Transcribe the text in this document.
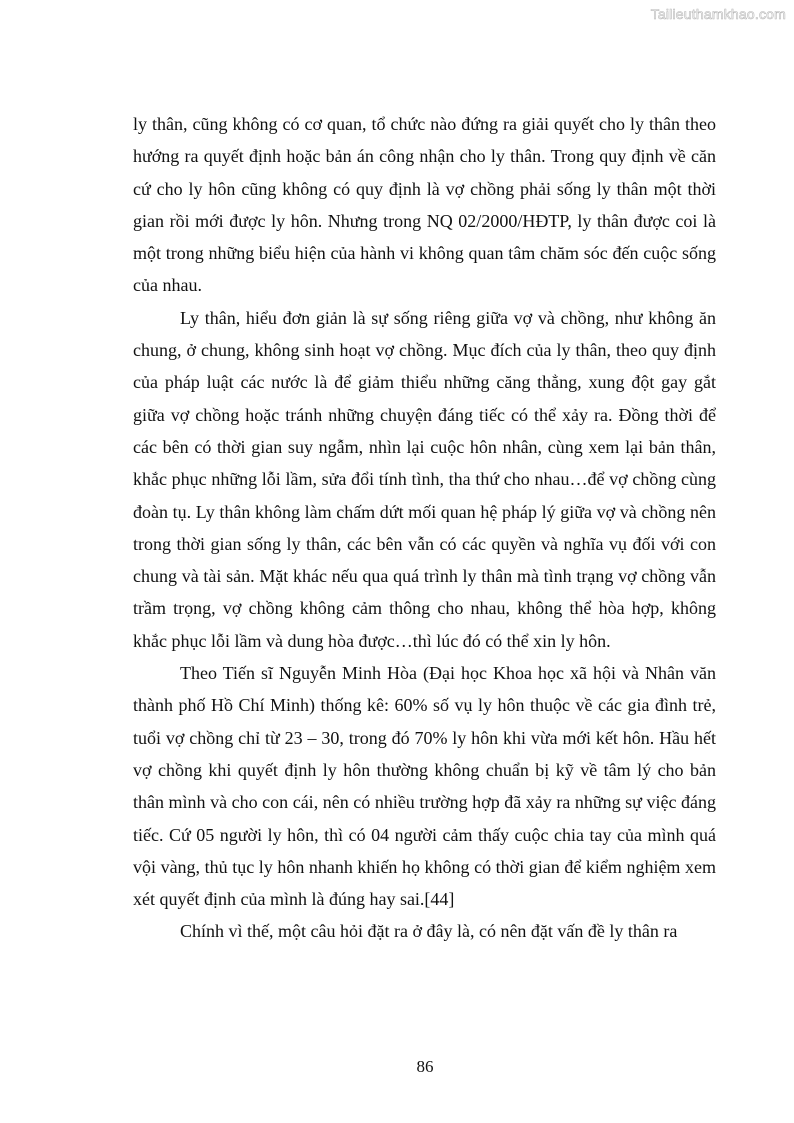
Tailieuthamkhao.com

ly thân, cũng không có cơ quan, tổ chức nào đứng ra giải quyết cho ly thân theo hướng ra quyết định hoặc bản án công nhận cho ly thân. Trong quy định về căn cứ cho ly hôn cũng không có quy định là vợ chồng phải sống ly thân một thời gian rồi mới được ly hôn. Nhưng trong NQ 02/2000/HĐTP, ly thân được coi là một trong những biểu hiện của hành vi không quan tâm chăm sóc đến cuộc sống của nhau.

Ly thân, hiểu đơn giản là sự sống riêng giữa vợ và chồng, như không ăn chung, ở chung, không sinh hoạt vợ chồng. Mục đích của ly thân, theo quy định của pháp luật các nước là để giảm thiểu những căng thẳng, xung đột gay gắt giữa vợ chồng hoặc tránh những chuyện đáng tiếc có thể xảy ra. Đồng thời để các bên có thời gian suy ngẫm, nhìn lại cuộc hôn nhân, cùng xem lại bản thân, khắc phục những lỗi lầm, sửa đổi tính tình, tha thứ cho nhau…để vợ chồng cùng đoàn tụ. Ly thân không làm chấm dứt mối quan hệ pháp lý giữa vợ và chồng nên trong thời gian sống ly thân, các bên vẫn có các quyền và nghĩa vụ đối với con chung và tài sản. Mặt khác nếu qua quá trình ly thân mà tình trạng vợ chồng vẫn trầm trọng, vợ chồng không cảm thông cho nhau, không thể hòa hợp, không khắc phục lỗi lầm và dung hòa được…thì lúc đó có thể xin ly hôn.

Theo Tiến sĩ Nguyễn Minh Hòa (Đại học Khoa học xã hội và Nhân văn thành phố Hồ Chí Minh) thống kê: 60% số vụ ly hôn thuộc về các gia đình trẻ, tuổi vợ chồng chỉ từ 23 – 30, trong đó 70% ly hôn khi vừa mới kết hôn. Hầu hết vợ chồng khi quyết định ly hôn thường không chuẩn bị kỹ về tâm lý cho bản thân mình và cho con cái, nên có nhiều trường hợp đã xảy ra những sự việc đáng tiếc. Cứ 05 người ly hôn, thì có 04 người cảm thấy cuộc chia tay của mình quá vội vàng, thủ tục ly hôn nhanh khiến họ không có thời gian để kiểm nghiệm xem xét quyết định của mình là đúng hay sai.[44]

Chính vì thế, một câu hỏi đặt ra ở đây là, có nên đặt vấn đề ly thân ra

86
